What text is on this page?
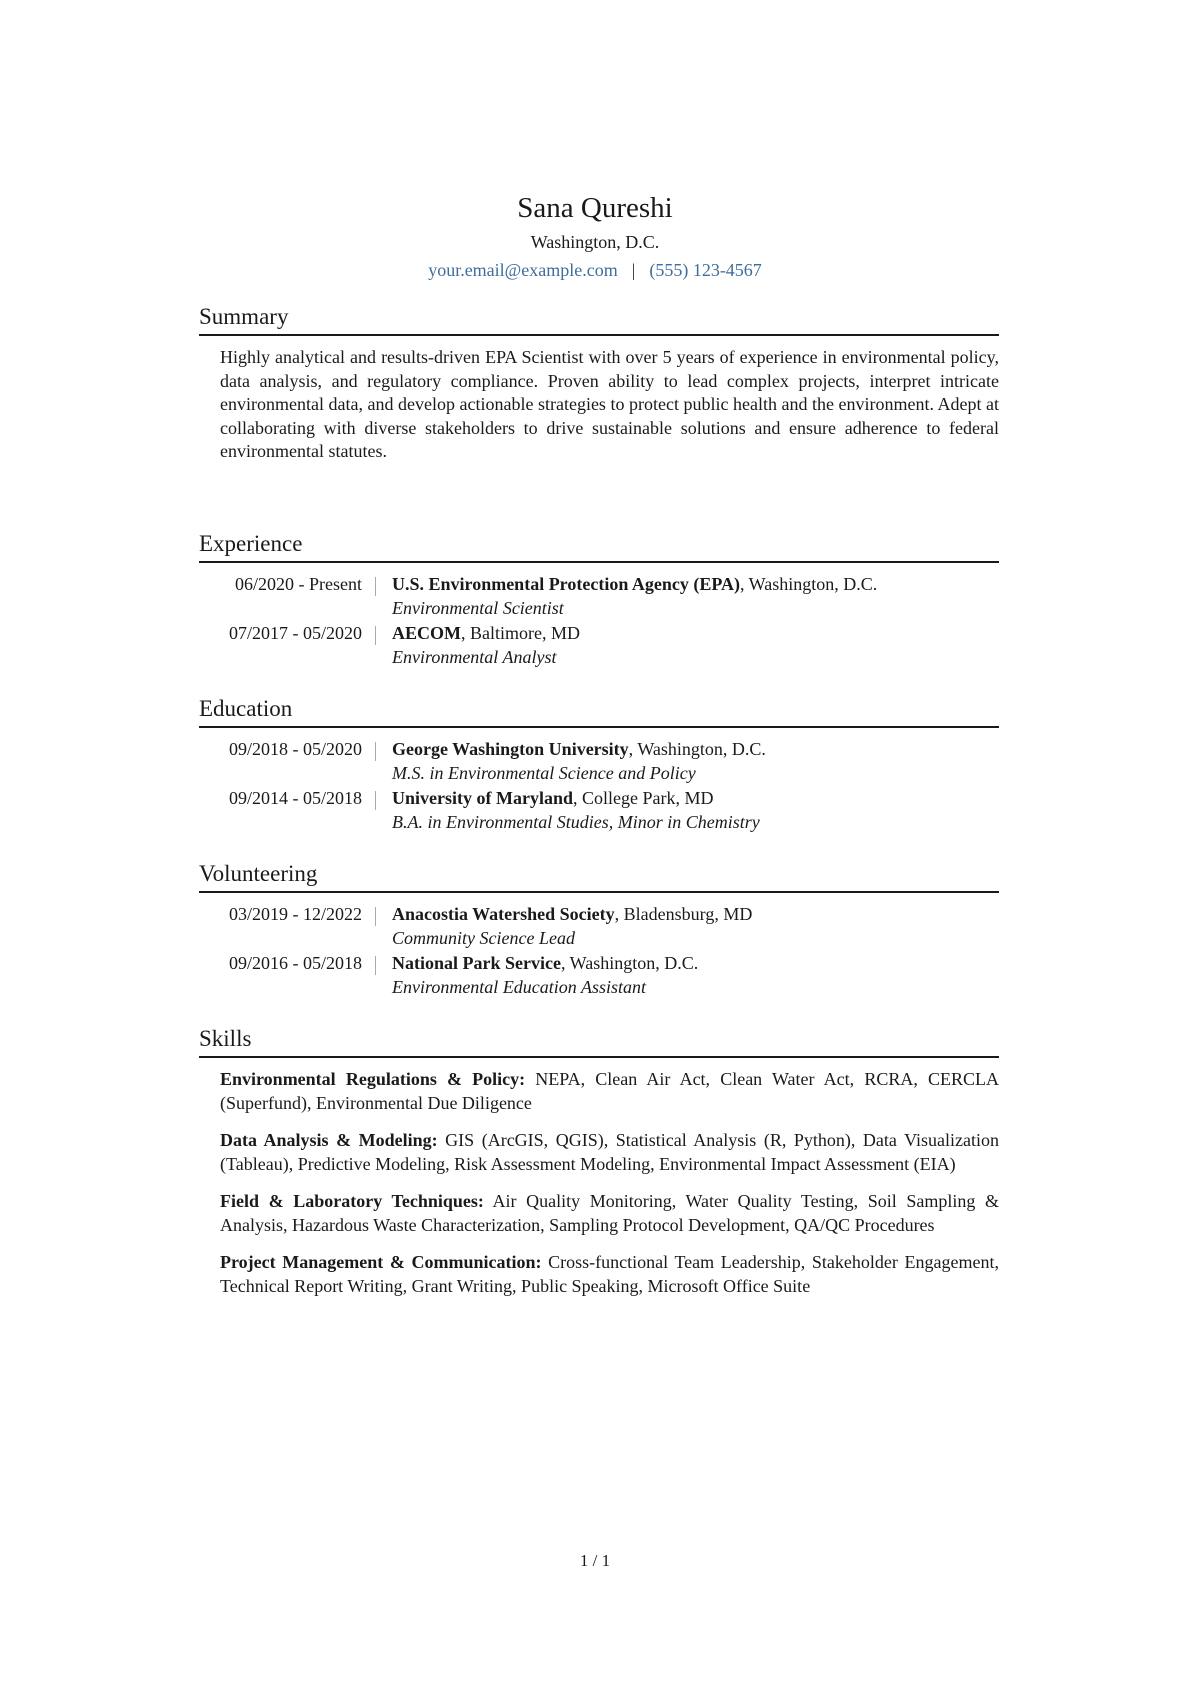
Sana Qureshi
Washington, D.C.
your.email@example.com | (555) 123-4567
Summary

Highly analytical and results-driven EPA Scientist with over 5 years of experience in environmental policy, data analysis, and regulatory compliance. Proven ability to lead complex projects, interpret intricate environmental data, and develop actionable strategies to protect public health and the environment. Adept at collaborating with diverse stakeholders to drive sustainable solutions and ensure adherence to federal environmental statutes.

Experience
06/2020 - Present	U.S. Environmental Protection Agency (EPA), Washington, D.C.
Environmental Scientist
07/2017 - 05/2020	AECOM, Baltimore, MD
Environmental Analyst
Education
09/2018 - 05/2020	George Washington University, Washington, D.C.
M.S. in Environmental Science and Policy
09/2014 - 05/2018	University of Maryland, College Park, MD
B.A. in Environmental Studies, Minor in Chemistry
Volunteering
03/2019 - 12/2022	Anacostia Watershed Society, Bladensburg, MD
Community Science Lead
09/2016 - 05/2018	National Park Service, Washington, D.C.
Environmental Education Assistant
Skills
Environmental Regulations & Policy: NEPA, Clean Air Act, Clean Water Act, RCRA, CERCLA (Superfund), Environmental Due Diligence
Data Analysis & Modeling: GIS (ArcGIS, QGIS), Statistical Analysis (R, Python), Data Visualization (Tableau), Predictive Modeling, Risk Assessment Modeling, Environmental Impact Assessment (EIA)
Field & Laboratory Techniques: Air Quality Monitoring, Water Quality Testing, Soil Sampling & Analysis, Hazardous Waste Characterization, Sampling Protocol Development, QA/QC Procedures
Project Management & Communication: Cross-functional Team Leadership, Stakeholder Engagement, Technical Report Writing, Grant Writing, Public Speaking, Microsoft Office Suite
1 / 1
